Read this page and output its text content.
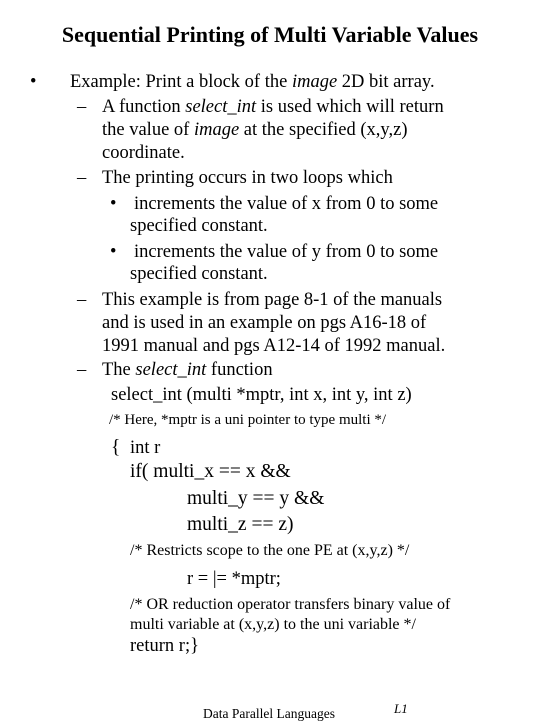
Sequential Printing of Multi Variable Values
• Example: Print a block of the image 2D bit array.
– A function select_int is used which will return
the value of image at the specified (x,y,z)
coordinate.
– The printing occurs in two loops which
• increments the value of x from 0 to some
specified constant.
• increments the value of y from 0 to some
specified constant.
– This example is from page 8-1 of the manuals
and is used in an example on pgs A16-18 of
1991 manual and pgs A12-14 of 1992 manual.
– The select_int function
select_int (multi *mptr, int x, int y, int z)
/* Here, *mptr is a uni pointer to type multi */
{ int r
if( multi_x == x &&
multi_y == y &&
multi_z == z)
/* Restricts scope to the one PE at (x,y,z) */
r = |= *mptr;
/* OR reduction operator transfers binary value of
multi variable at (x,y,z) to the uni variable */
return r;}
Data Parallel Languages	L1
